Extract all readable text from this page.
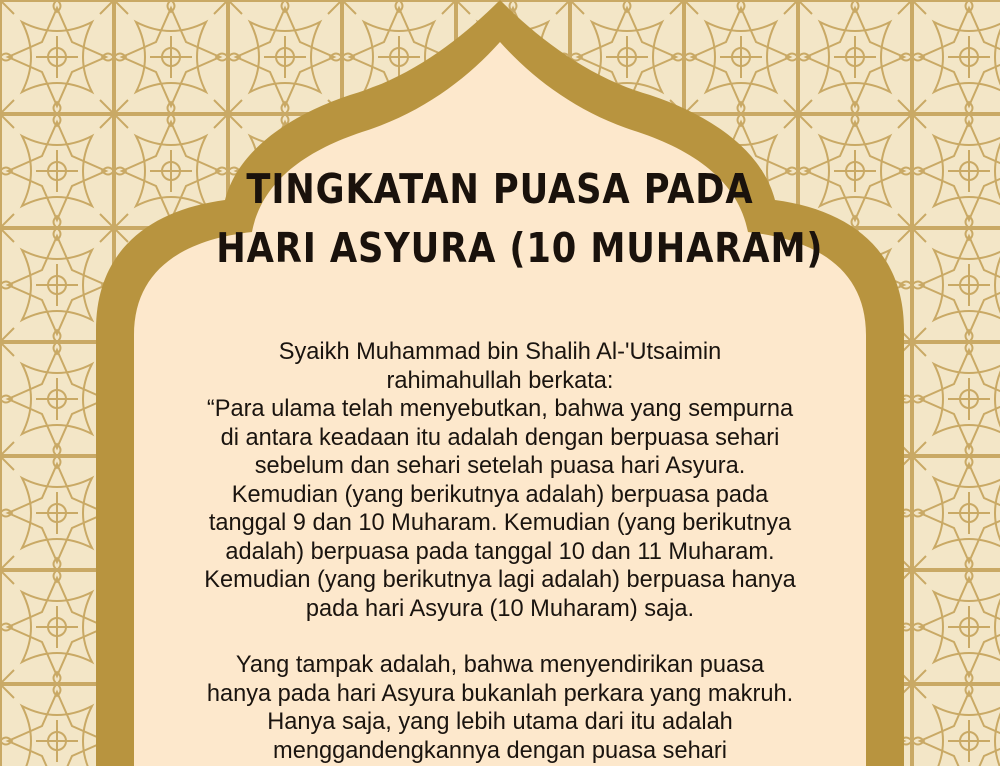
TINGKATAN PUASA PADA
HARI ASYURA (10 MUHARAM)
Syaikh Muhammad bin Shalih Al-'Utsaimin
rahimahullah berkata:
“Para ulama telah menyebutkan, bahwa yang sempurna
di antara keadaan itu adalah dengan berpuasa sehari
sebelum dan sehari setelah puasa hari Asyura.
Kemudian (yang berikutnya adalah) berpuasa pada
tanggal 9 dan 10 Muharam. Kemudian (yang berikutnya
adalah) berpuasa pada tanggal 10 dan 11 Muharam.
Kemudian (yang berikutnya lagi adalah) berpuasa hanya
pada hari Asyura (10 Muharam) saja.
Yang tampak adalah, bahwa menyendirikan puasa
hanya pada hari Asyura bukanlah perkara yang makruh.
Hanya saja, yang lebih utama dari itu adalah
menggandengkannya dengan puasa sehari
